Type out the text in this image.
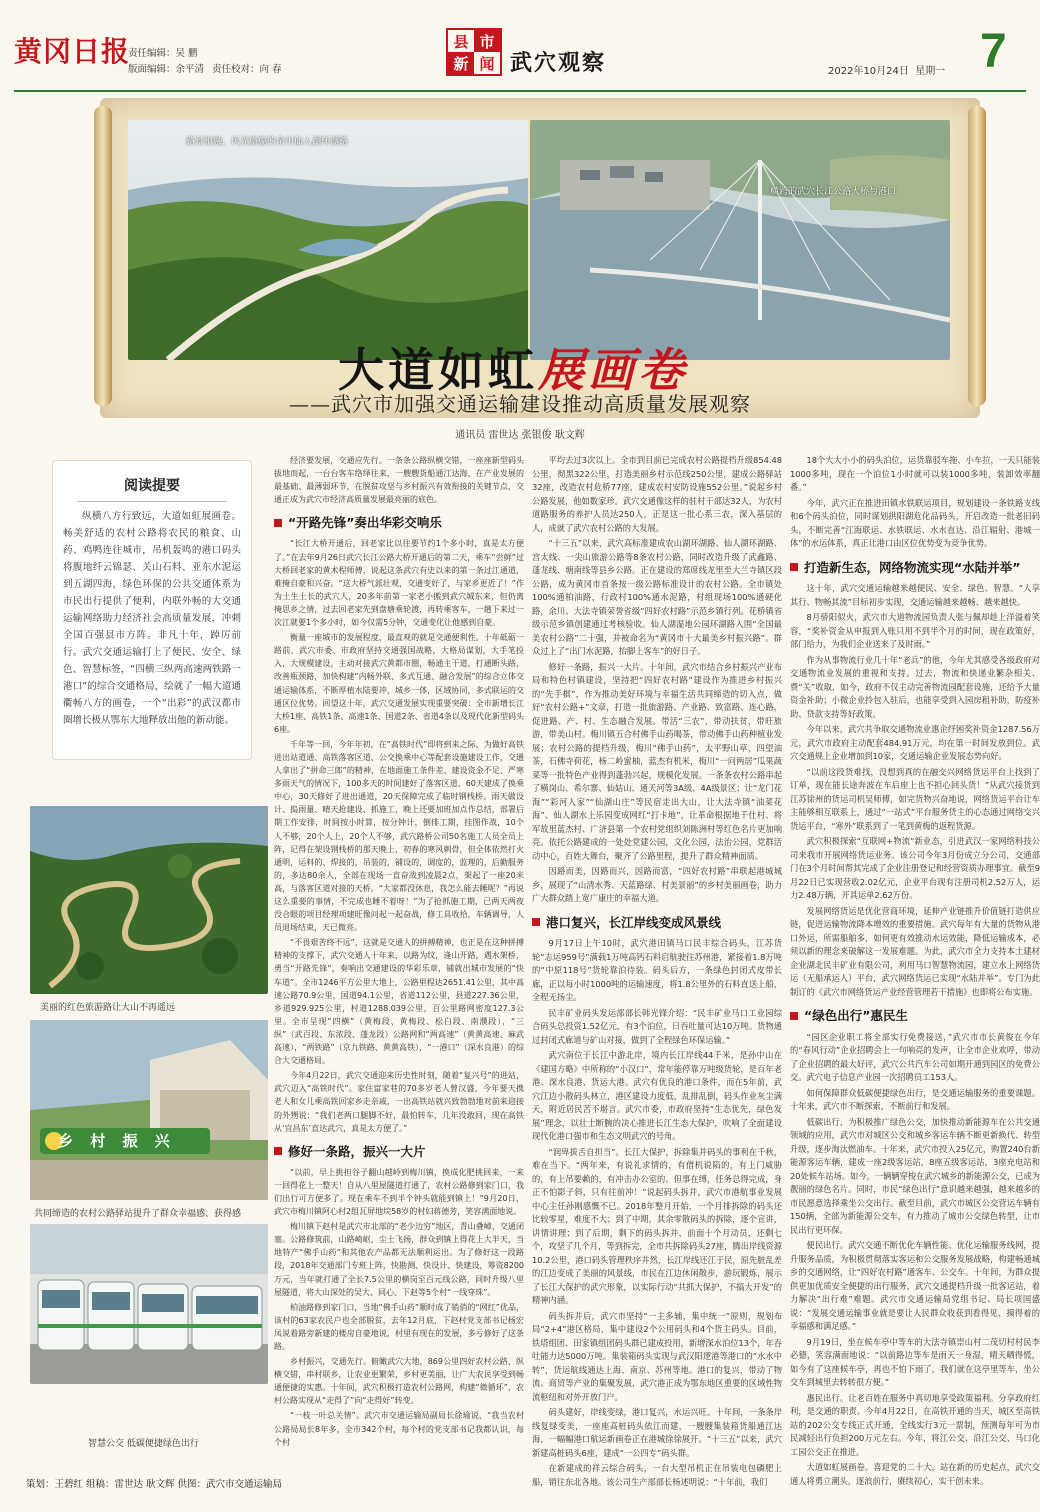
黄冈日报
责任编辑：吴 鹏
版面编辑：余平清 责任校对：向 春
县 市
新 闻 武穴观察	2022年10月24日 星期一 7
路景相融，风光旖旎的余川仙人湖环湖路
横跨的武穴长江公路大桥与港口
大道如虹展画卷
——武穴市加强交通运输建设推动高质量发展观察
通讯员 雷世达 张银俊 耿文辉
阅读提要
纵横八方行致远，大道如虹展画卷。畅美舒适的农村公路将农民的粮食、山药、鸡鸭连往城市，吊机轰鸣的港口码头将腹地纤云锦瑟、关山石料、亚东水泥运到五湖四海，绿色环保的公共交通体系为市民出行提供了便利，内联外畅的大交通运输网络助力经济社会高质量发展，冲刺全国百强县市方阵。非凡十年，踔厉前行。武穴交通运输打上了便民、安全、绿色、智慧标签，“四横三纵两高速两铁路一港口”的综合交通格局，绘就了一幅大道通衢畅八方的画卷，一个“出彩”的武汉都市圈增长极从鄂东大地释放出他的新动能。
美丽的红色旅游路让大山不再遥远
乡 村 振 兴
共同缔造的农村公路驿站提升了群众幸福感、获得感
智慧公交 低碳便捷绿色出行
策划：王碧红 组稿：雷世达 耿文辉 供图：武穴市交通运输局

经济要发展，交通应先行。一条条公路纵横交错，一座座新型码头拔地而起，一台台客车络绎往来，一艘艘货船通江达海，在产业发展的最基础、最薄弱环节，在脱贫攻坚与乡村振兴有效衔接的关键节点，交通正成为武穴市经济高质量发展最亮丽的底色。

“开路先锋”奏出华彩交响乐

“长江大桥开通后，回老家比以往要节约1个多小时，真是太方便了。”在去年9月26日武穴长江公路大桥开通后的第二天，乘车“尝鲜”过大桥回老家的黄术程师傅，说起这条武穴有史以来的第一条过江通道，难掩自豪和兴奋。“这大桥气派壮观，交通变好了，与家乡更近了！”作为土生土长的武穴人，20多年前第一家老小搬到武穴城东来，但仍离掩思乡之情，过去回老家先到盘塘乘轮渡，再转乘客车，一趟下来过一次江就要1个多小时，如今仅需5分钟，交通变化让他感到自豪。

衡量一座城市的发展程度，最直观的就是交通便利性。十年砥砺一路前，武穴市委、市政府坚持交通强国战略，大格局谋划，大手笔投入，大规模建设，主动对接武穴黄都市圈，畅通主干道，打通断头路，改善瓶颈路，加快构建“内畅外联、多式互通、融合发展”的综合立体交通运输体系，不断厚植水陆要冲，城乡一体，区域协同，多式联运的交通区位优势。回望这十年，武穴交通发展实现重要突破：全市新增长江大桥1座、高铁1条、高速1条、国道2条、省道4条以及现代化新型码头6座。

千年等一回，今年年初，在“高铁时代”即将到来之际，为做好高铁进出站道通、高铁落客区道、公交换乘中心等配套设施建设工作，交通人拿出了“拼命三郎”的精神，在地面施工条件差、建设资金不足、严寒多雨天气的情况下，100多天的时间建好了落客区道、60天建成了换乘中心，30天修好了进出通道，20天保障完成了临时钢栈桥。雨天做设计、捣雨量、晴天抢建设、抓施工，晚上还要加班加点作总结，部署后期工作安排，时间按小时算，按分钟计，倒排工期，挂图作战，10个人不够，20个人上，20个人不够，武穴路桥公司50名施工人员全员上阵，记得在架设钢栈桥的那天晚上，初春的寒风刺骨，但全体依然打火通明，运料的、焊接的，吊装的，铺设的，调度的，监理的，后勤服务的，多达80余人，全部在现场一直奋战到凌晨2点，架起了一座20米高，与落客区道对接的天桥。“大家都没休息，我怎么能去睡呢？”再说这么重要的事情，不完成也睡不着呀！”为了抢抓施工期，已两天两夜没合眼的项目经理项建旺像问起一起奋战，修工具收拾，车辆调导，人员退场结束，天已微亮。

“不畏艰苦终不远”，这就是交通人的拼搏精神，也正是在这种拼搏精神的支撑下，武穴交通人十年来，以路为纹，逢山开路，遇水架桥，勇当“开路先锋”，奏响出交通建设的华彩乐章，铺就出城市发展的“快车道”。全市1246平方公里大地上，公路里程达2651.41公里，其中高速公路70.9公里，国道94.1公里，省道112公里，县道227.36公里，乡道929.925公里，村道1288.039公里，百公里路网密度127.3公里。全市呈现“四横”（黄梅段、黄梅段、松白段、南濮段），“三纵”（武百段、东浓段、蓬龙段）公路网和“两高速”（黄黄高速、麻武高速），“两铁路”（京九铁路、黄黄高铁），“一港口”（深水良港）的综合大交通格局。

今年4月22日，武穴交通迎来历史性时刻，随着“复兴号”的进站，武穴迈入“高铁时代”。家住富家巷的70多岁老人曾汉盛，今年要天携老人和女儿乘高铁回家乡走亲戚，一出高铁站就兴致勃勃地对前来迎接的外甥说：“我们老两口腿脚不好，最怕转车，几年没敢回，现在高铁从‘宜昌东’直达武穴，真是太方便了。”

修好一条路，振兴一大片

“以前，早上挑担谷子翻山越岭到梅川镇，换成化肥挑回来，一来一回得花上一整天！自从八里屋隧道打通了，农村公路修到家门口，我们出行可方便多了。现在乘车不到半个钟头就能到镇上！”9月20日，武穴市梅川镇阿心村2组瓦屏地垸58岁的村妇蒋德芳，笑容满面地说。

梅川镇下赵村是武穴市北部的“老少边穷”地区，青山叠嶂，交通闭塞。公路修筑前，山路崎岖，尘土飞扬，群众到镇上得花上大半天，当地特产“佛手山药”和其他农产品都无法顺利运出。为了修好这一段路段，2018年交通部门专班上阵，快勘测、快设计、快建设，筹资8200万元，当年就打通了全长7.5公里的横岗至百元线公路，同时升级八里屋隧道，将大山深处的吴大、同心、下赵等5个村“一线穿珠”。

柏油路修到家门口，当地“佛手山药”顺时成了销俏的“网红”优品，该村的63家农民户也全部脱贫，去年12月底，下赵村党支部书记杨宏凤说着路旁新建的楼房自豪地说，村里有现在的发展，多亏修好了这条路。

乡村振兴，交通先行。俯瞰武穴大地，869公里四好农村公路，纵横交错，串村联乡，让农业更繁荣，乡村更美丽，让广大农民享受到畅通便捷的实惠。十年间，武穴积极打造农村公路网，构建“微循环”，农村公路实现从“走得了”向“走得好”转变。

“一枝一叶总关情”。武穴市交通运输局副局长徐瑜说，“我当农村公路局局长8年多，全市342个村，每个村的党支部书记我都认识，每个村

平均去过3次以上。全市到目前已完成农村公路提档升级854.48公里，彻黑322公里，打造美丽乡村示范线250公里，建成公路驿站32座，改造农村危桥77座，建成农村安防设施552公里。”说起乡村公路发展，他如数家珍。武穴交通像这样的驻村干部达32人，为农村道路服务的养护人员达250人，正是这一批心系三农，深入基层的人，成就了武穴农村公路的大发展。

“十三五”以来，武穴高标准建成农山湖环湖路、仙人湖环湖路、宫太线、一尖山旅游公路等8条农村公路，同时改造升级了武鑫路、蓬龙线、塘南线等县乡公路。正在建设的郑席线龙里至大兰寺镇区段公路，成为黄冈市首条按一级公路标准设计的农村公路。全市镇处100%通柏油路，行政村100%通水泥路，村组现场100%通硬化路，余川、大法寺镇荣誉省级“四好农村路”示范乡镇行列。花桥镇省级示范乡镇创建通过考核验收。仙人湖湿地公园环湖路入围“全国最美农村公路”二十强，并被命名为“黄冈市十大最美乡村振兴路”。群众过上了“出门水泥路，抬脚上客车”的好日子。

修好一条路，振兴一大片。十年间，武穴市结合乡村振兴产业布局和特色村镇建设，坚持把“四好农村路”建设作为推进乡村振兴的“先手棋”，作为推动美好环境与幸福生活共同缔造的切入点，做好“农村公路+”文章，打造一批旅游路、产业路、致富路、连心路，促进路、产、村、生态融合发展。带活“三农”，带动扶贫，带旺旅游，带美山村。梅川镇五合村佛手山药喝茶，带动佛手山药种植业发展；农村公路的提档升级，梅川“佛手山药”，太平野山草，四望油茶，石佛寺荷花，杨二岭蜜柚，蓝杰有机米，梅川“一问两居”瓜果蔬菜等一批特色产业得到蓬勃兴起，规模化发展。一条条农村公路串起了横岗山、希尔寨、仙姑山、通天河等3A级、4A级景区；让“龙门花海”“彩河人家”“仙湖山庄”等民宿走出大山，让大法寺镇“油菜花海”、仙人湖水上乐园变成网红“打卡地”，让革命根据地千仕村、将军故里蓝杰村、广济县第一个农村党组织刘陈洲村等红色名片更加响亮。依托公路建成的一处处党建公园，文化公园，法治公园，党群活动中心，百姓大舞台，聚齐了公路里程，提升了群众精神面质。

因路而美，因路而兴，因路而富，“四好农村路”串联起港城城乡，展现了“山清水秀、天蓝路绿、村美景丽”的乡村美丽画卷，助力广大群众踏上宽广康庄的幸福大道。

港口复兴，长江岸线变成风景线

9月17日上午10时，武穴港田镇马口民丰综合码头，江苏货轮“志运959号”满载1万吨高钙石料启航驶往苏州港，紧接着1.8万吨的“中原118号”货轮靠泊待装。码头后方，一条绿色封闭式皮带长廊，正以每小时1000吨的运输速度，将1.8公里外的石料直送上船，全程无扬尘。

民丰矿业码头发运部部长韩光锋介绍：“民丰矿业马口工业园综合码头总投资1.52亿元，有3个泊位，日吞吐量可达10万吨。货物通过封闭式廊道与矿山对接，做到了全程绿色环保运输。”

武穴南位于长江中游北岸，境内长江岸线44千米，是孙中山在《建国方略》中所称的“小汉口”，常年能停靠万吨级货轮，是百年老港、深水良港、货运大港。武穴有优良的港口条件，而在5年前，武穴江边小散码头林立，港区建设力度低，乱排乱倒，码头作业灰尘满天，附近居民苦不堪言。武穴市委，市政府坚持“生态优先，绿色发展”理念，以壮士断腕的决心推进长江生态大保护，吹响了全面建设现代化港口强市和生态文明武穴的号角。

“润卑拔舌自担当”。长江大保护，拆除集并码头的事利在千秋，难在当下。“两年来，有说礼求情的，有借机说陷的，有上门威胁的，有上吊要赖的，有冲击办公室的。但事在缚，任务总得完成，身正不怕影子斜，只有往前冲！”说起码头拆并，武穴市港航事业发展中心主任孙刚感慨不已。2018年整月开始，一个月排拆除的码头还比较零星，难度不大；到了中期，其余零散码头的拆除，逐个宣讲，讲情讲理；到了后期，剩下的码头拆并，前面十个月动员，还剩七个，攻坚了几个月，等到拆完，全市共拆除码头27座，腾出岸线资源10.2公里，港口码头管理秩序井然，长江岸线还江于民，原先脏乱差的江边变成了美丽的风景线，市民在江边休闲散步，游玩锻炼，展示了长江大保护的武穴形象，以实际行动“共抓大保护，不搞大开发”的精神内涵。

码头拆并后，武穴市坚持“一主多辅，集中统一”原则，规划布局“2+4”港区格局，集中建设2个公用码头和4个货主码头。目前，铁塔组团、田家镇组团码头群已建成投用，新增深水泊位13个，年吞吐能力达5000万吨。集装箱码头实现与武汉阳逻港等港口的“水水中转”，货运航线通达上海、南京、苏州等地。港口的复兴，带动了物流、商贸等产业的集聚发展，武穴港正成为鄂东地区重要的区域性物流枢纽和对外开放门户。

码头建好，岸线变绿，港口复兴，水运兴旺。十年间，一条条岸线复绿变美，一座座高桩码头依江而建，一艘艘集装箱货船通江达海，一幅幅港口航运新画卷正在港城徐徐展开。“十三五”以来，武穴新建高桩码头6座，建成“一公四专”码头群。

在新建成的祥云综合码头，一台大型吊机正在吊装电包磷肥上船，销往东北各地。该公司生产部部长杨述明说：“十年前，我们

18个大大小小的码头泊位，运货靠驳车拖、小车拉，一天只能装1000多吨，现在一个泊位1小时就可以装1000多吨，装卸效率翻番。”

今年，武穴正在推进田镇水铁联运项目，规划建设一条铁路支线和6个码头泊位，同时谋划拱阳湖危化品码头，开启改造一批老旧码头，不断完善“江海联运、水铁联运、水水直达、沿江辐射、港城一体”的水运体系，真正让港口由区位优势变为竞争优势。

打造新生态，网络物流实现“水陆并举”

这十年，武穴交通运输越来越便民、安全、绿色、智慧。“人享其行、物畅其流”目标初步实现，交通运输越来越畅、越来越快。

8月骄阳似火，武穴市大道物流园负责人张与佩却趁上洋溢着笑容，“奖补资金从申报到入账只用不到半个月的时间，现在政策好，部门给力，为我们企业送来了及时雨。”

作为从事物流行业几十年“老兵”的他，今年尤其感受各级政府对交通物流业发展的重视和支持。过去，物流和快递业繁杂相关、费“关”收取，如今，政府不仅主动完善物流园配套设施，还给予大量资金补助；小微企业拎包入驻后，也能享受到入园房租补助，防疫补助、贷款支持等好政策。

今年以来，武穴共争取交通物流业惠企纾困奖补资金1287.56万元，武穴市政府主动配套484.91万元，均在第一时间发放到位。武穴交通规上企业增加到10家，交通运输企业发展态势向好。

“以前这段货难找，没想到真的在融交兴网络货运平台上找到了订单，现在能长途奔波在车后座上也不担心回头货！”从武穴接货到江苏徐州的货运司机吴师傅，如完货物兴奋地说，网络货运平台让车主能够相互联系上，通过“一站式”平台服务货主的心态通过网络交兴货运平台，“寒外”联系到了一笔到黄梅的返程货源。

武穴积极探索“互联网+物流”新业态，引进武汉一家网络科技公司来我市开展网络货运业务。该公司今年3月份成立分公司，交通部门在3个月时间帮其完成了企业注册登记和经营资质办理事宜。截至9月22日已实现营收2.02亿元，企业平台现有注册司机2.52万人，运力2.48万辆，开具运单2.62万份。

发展网络货运是优化营商环境，延伸产业链推升价值链打造供应链，促进运输物流降本增效的重要措施。武穴每年有大量的货物从港口外运，所需船舶多，如何更有效推动水运效能，降低运输成本，必须以新的理念来破解这一发展难题。为此，武穴市全力支持本土建材企业湖北民丰矿业有限公司，利用马口智慧物流园，建立水上网络货运（无船承运人）平台，武穴网络货运已实现“水陆并举”。专门为此制订的《武穴市网络货运产业经营管理若干措施》也即将公布实施。

“绿色出行”惠民生

“园区企业职工将全部实行免费接送，”武穴市市长黄俊在今年的“春风行动”企业招聘会上一句响亮的发声，让全市企业欢呼，带动了企业招聘的最大好评，武穴公共汽车公司如期开通到园区的免费公交。武穴电子信息产业园一次招聘员工153人。

如何保障群众低碳便捷绿色出行，是交通运输服务的重要课题。十年来，武穴市不断探索，不断前行和发展。

低碳出行，为积极推广绿色公交，加快推动新能源车在公共交通领域的应用，武穴市对城区公交和城乡客运车辆不断更新换代、转型升级，逐步淘汰燃油车。十年来，武穴市投入25亿元，购置240台新能源客运车辆，建成一座2级客运站，8座五级客运站，3座充电站和20处候车站场。如今，一辆辆穿梭在武穴城乡的新能源公交，已成为靓丽的绿色名片。同时，市民“绿色出行”意识越来越强，越来越多的市民愿意选择乘坐公交出行。截至目前，武穴市城区公交营运车辆有150辆，全部为新能源公交车，有力推动了城市公交绿色转型，让市民出行更环保。

便民出行。武穴交通不断优化车辆性能、优化运输服务线网，提升服务品质，为积极贯彻落实客运和公交服务发展战略，构建畅通城乡的交通网络，让“四好农村路”通客车、公交车。十年间，为群众提供更加优质安全便捷的出行服务，武穴交通提档升级一批客运站，着力解决“出行难”难题。武穴市交通运输局党组书记、局长项国盛说：“发展交通运输事业就是要让人民群众收获到看得见、摸得着的幸福感和满足感。”

9月19日，坐在候车亭中等车的大法寺镇崇山村二茂切村村民李必德，笑容满面地说：“以前路边等车是雨天一身湿，晴天晒得慌，如今有了这座候车亭，再也不怕下雨了，我们就在这亭里等车，坐公交车到城里去转转很方便。”

惠民出行。让老百姓在服务中真切地享受政策福利。分享政府红利，是交通的职责。今年4月22日，在高铁开通的当天，城区至高铁站的202公交专线正式开通，全线实行3元一票制，预测每年可为市民减轻出行负担200万元左右。今年，将江公交、沿江公交、马口化工园公交正在推进。

大道如虹展画卷。喜迎党的二十大，站在新的历史起点，武穴交通人将勇立潮头，逐浪前行，赓续初心，实干创未来。
